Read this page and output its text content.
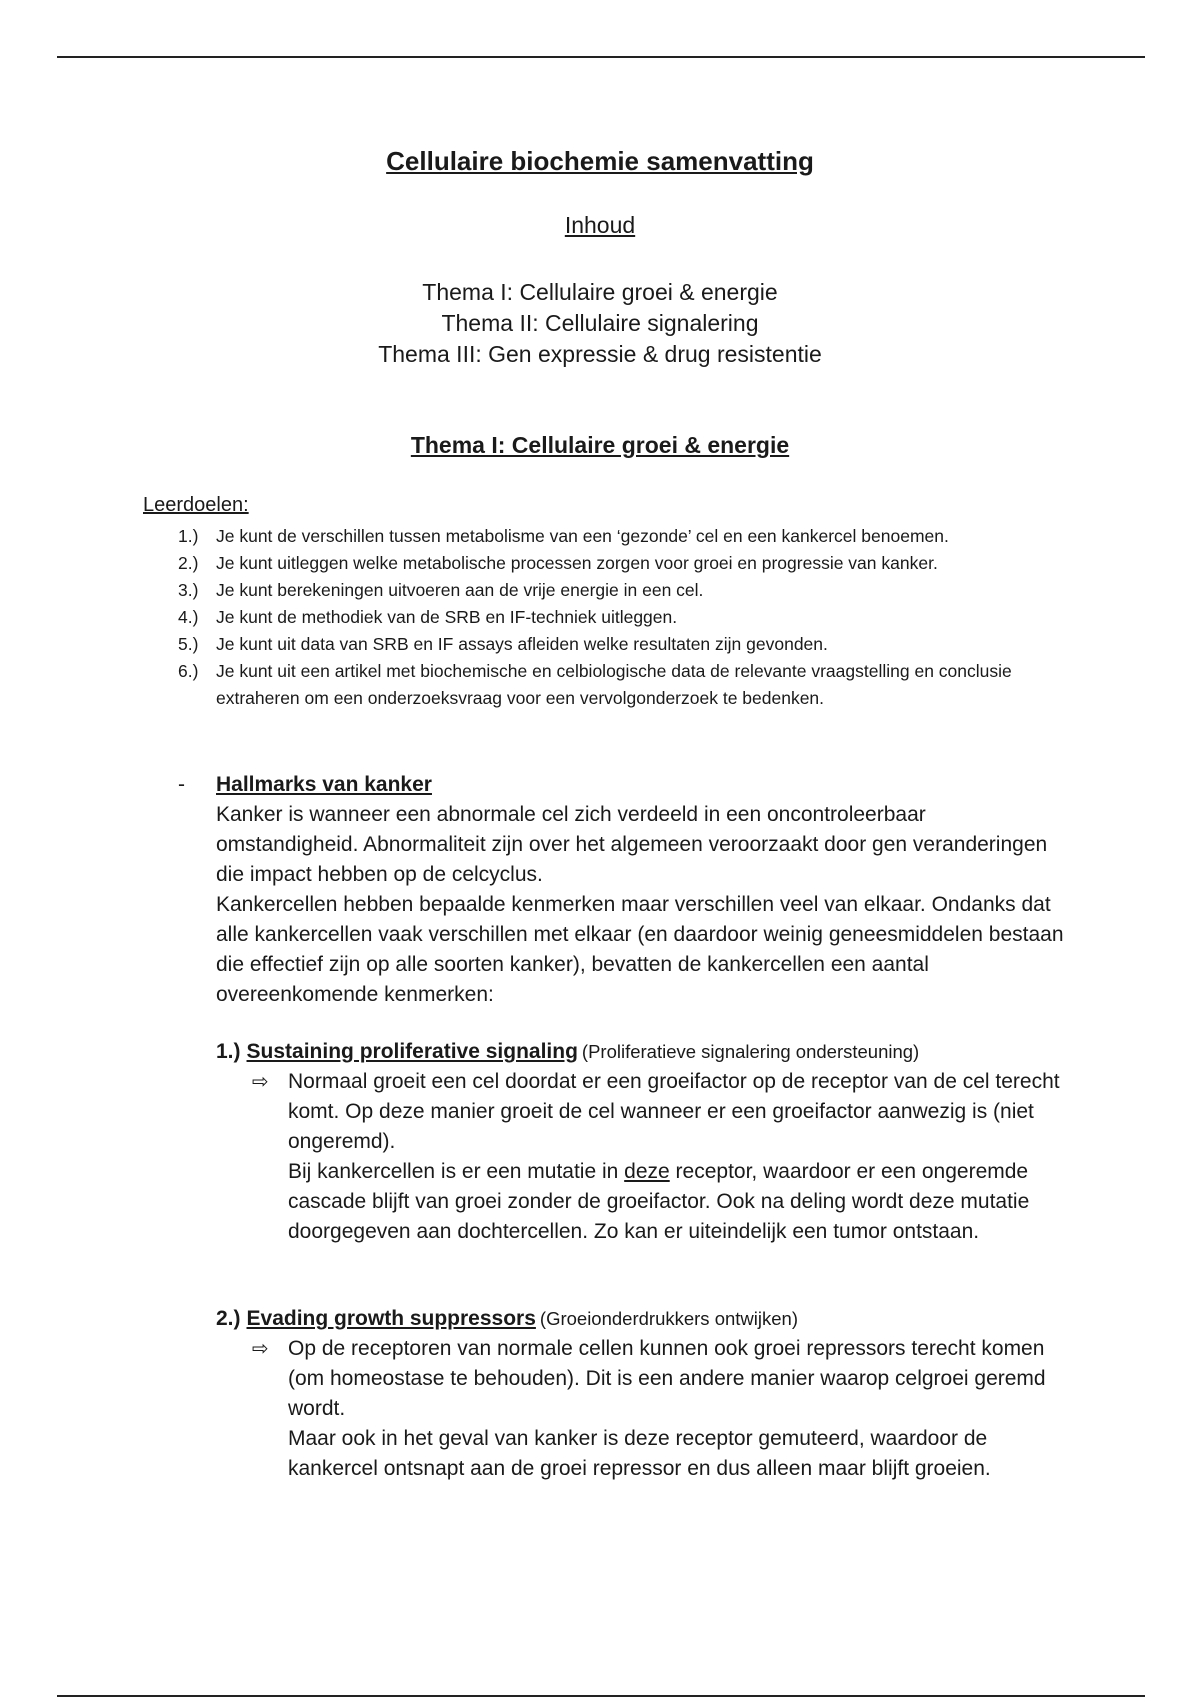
Cellulaire biochemie samenvatting
Inhoud
Thema I: Cellulaire groei & energie
Thema II: Cellulaire signalering
Thema III: Gen expressie & drug resistentie
Thema I: Cellulaire groei & energie
Leerdoelen:
1.) Je kunt de verschillen tussen metabolisme van een ‘gezonde’ cel en een kankercel benoemen.
2.) Je kunt uitleggen welke metabolische processen zorgen voor groei en progressie van kanker.
3.) Je kunt berekeningen uitvoeren aan de vrije energie in een cel.
4.) Je kunt de methodiek van de SRB en IF-techniek uitleggen.
5.) Je kunt uit data van SRB en IF assays afleiden welke resultaten zijn gevonden.
6.) Je kunt uit een artikel met biochemische en celbiologische data de relevante vraagstelling en conclusie extraheren om een onderzoeksvraag voor een vervolgonderzoek te bedenken.
- Hallmarks van kanker

Kanker is wanneer een abnormale cel zich verdeeld in een oncontroleerbaar omstandigheid. Abnormaliteit zijn over het algemeen veroorzaakt door gen veranderingen die impact hebben op de celcyclus.

Kankercellen hebben bepaalde kenmerken maar verschillen veel van elkaar. Ondanks dat alle kankercellen vaak verschillen met elkaar (en daardoor weinig geneesmiddelen bestaan die effectief zijn op alle soorten kanker), bevatten de kankercellen een aantal overeenkomende kenmerken:

1.) Sustaining proliferative signaling (Proliferatieve signalering ondersteuning)
⇨ Normaal groeit een cel doordat er een groeifactor op de receptor van de cel terecht komt. Op deze manier groeit de cel wanneer er een groeifactor aanwezig is (niet ongeremd).

Bij kankercellen is er een mutatie in deze receptor, waardoor er een ongeremde cascade blijft van groei zonder de groeifactor. Ook na deling wordt deze mutatie doorgegeven aan dochtercellen. Zo kan er uiteindelijk een tumor ontstaan.

2.) Evading growth suppressors (Groeionderdrukkers ontwijken)
⇨ Op de receptoren van normale cellen kunnen ook groei repressors terecht komen (om homeostase te behouden). Dit is een andere manier waarop celgroei geremd wordt.

Maar ook in het geval van kanker is deze receptor gemuteerd, waardoor de kankercel ontsnapt aan de groei repressor en dus alleen maar blijft groeien.
